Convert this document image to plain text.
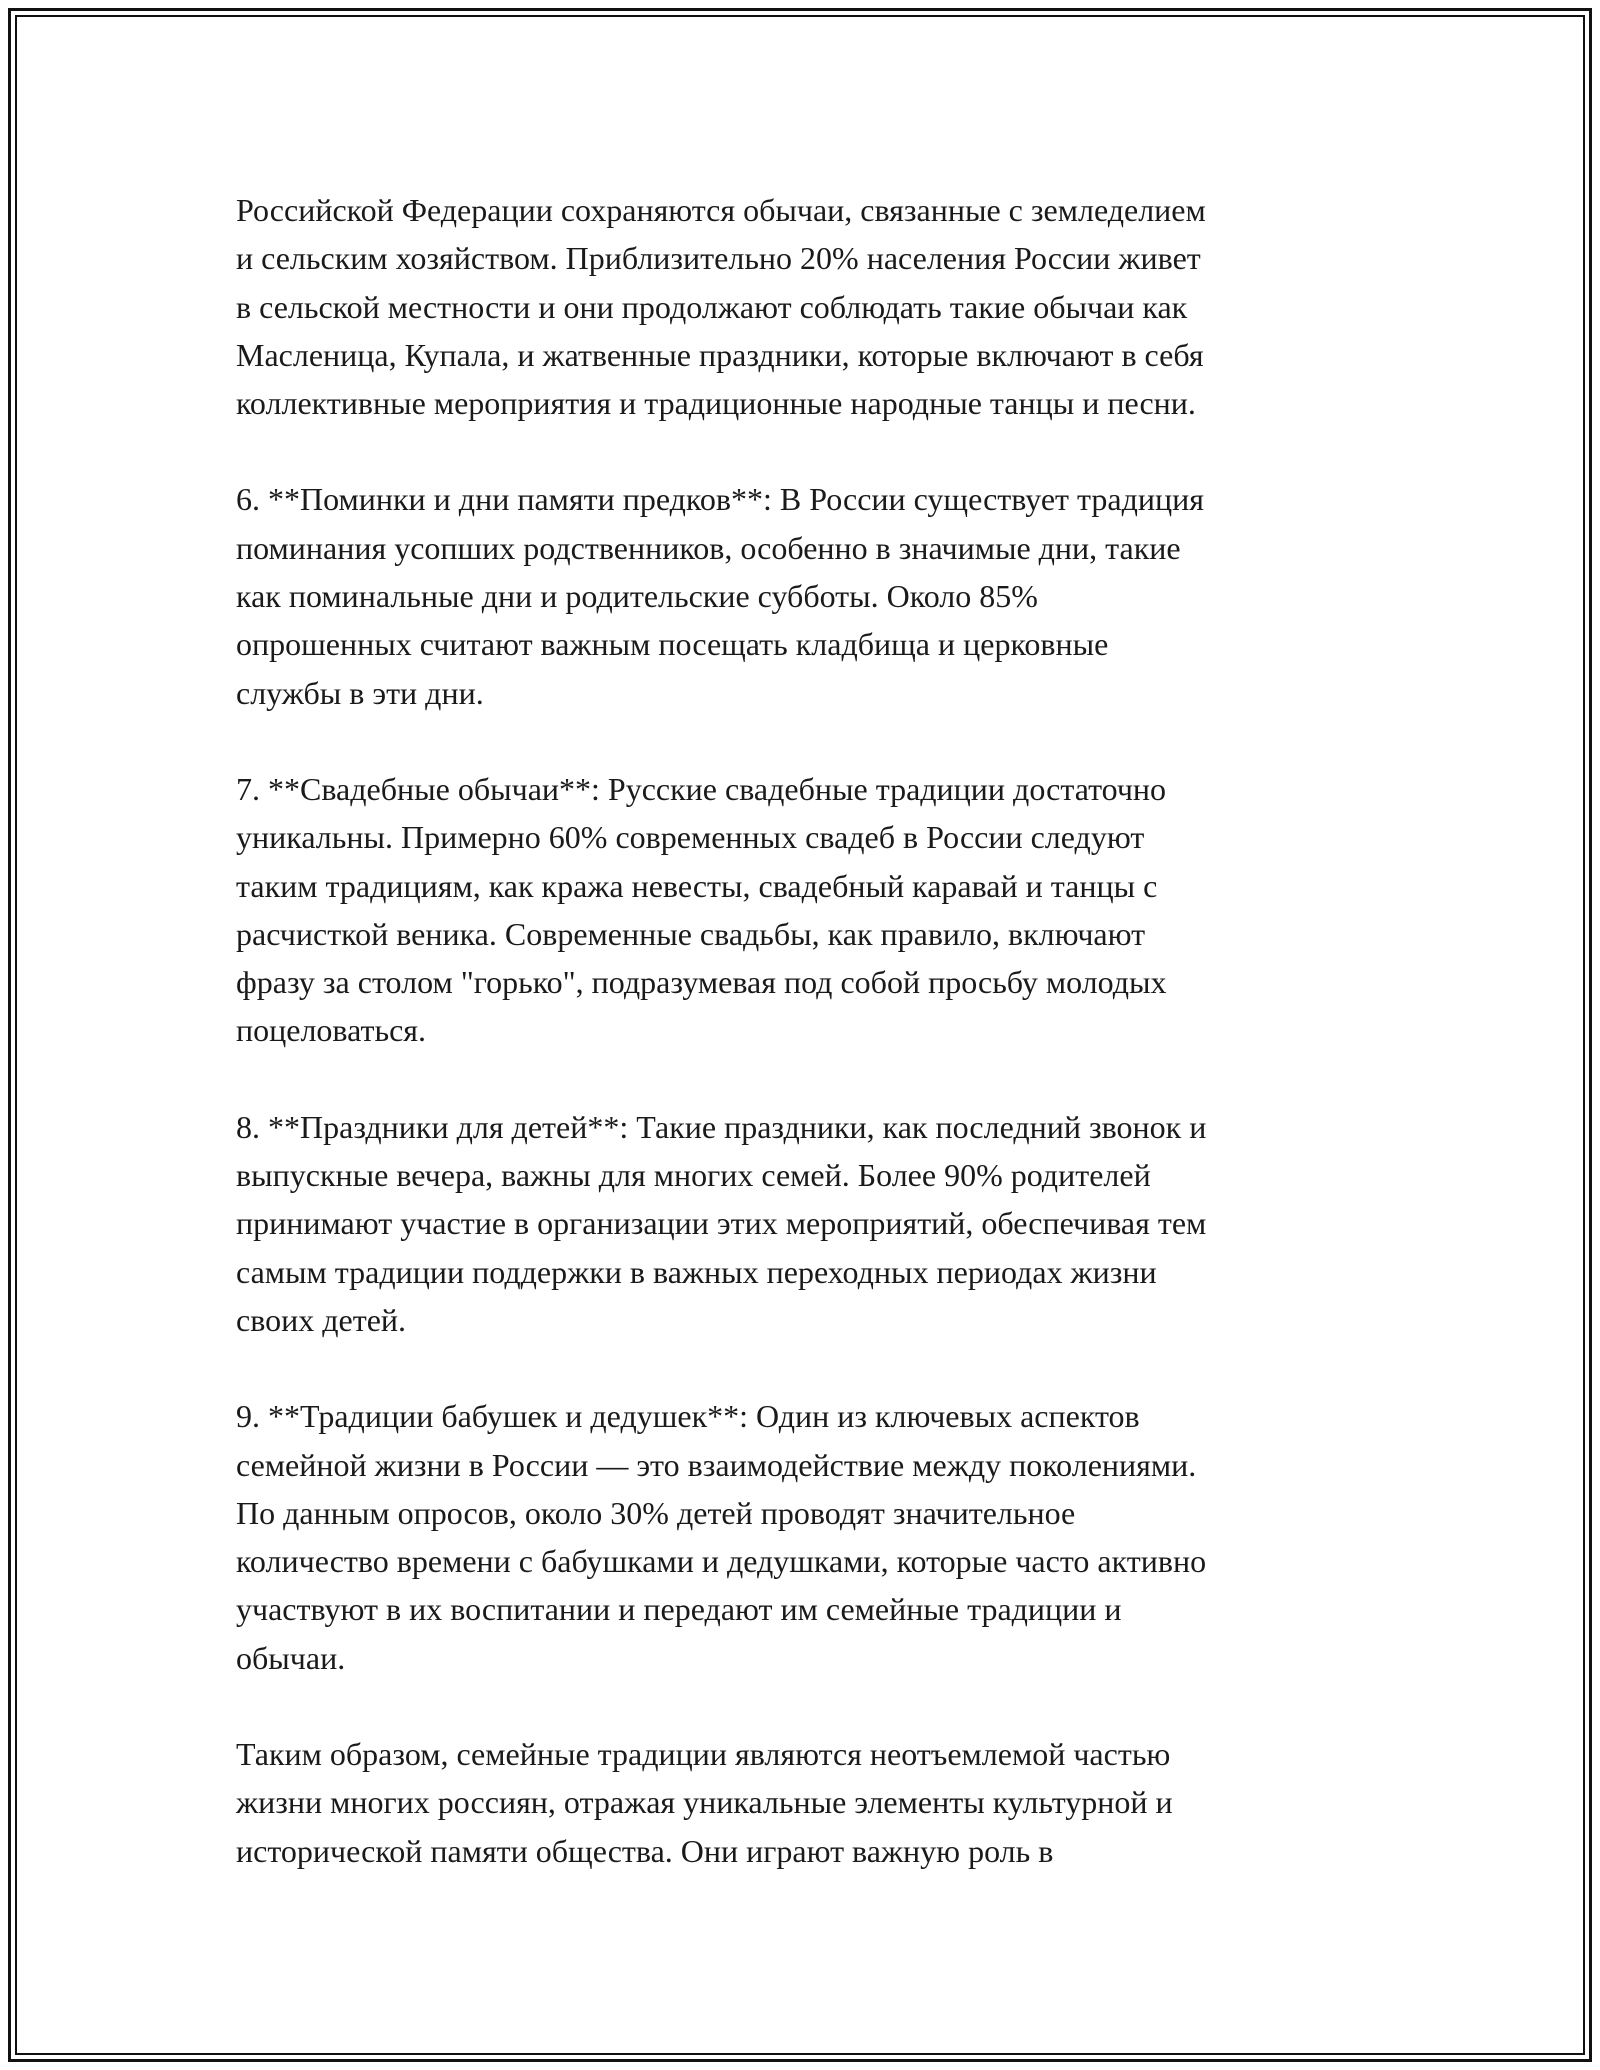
Российской Федерации сохраняются обычаи, связанные с земледелием
и сельским хозяйством. Приблизительно 20% населения России живет
в сельской местности и они продолжают соблюдать такие обычаи как
Масленица, Купала, и жатвенные праздники, которые включают в себя
коллективные мероприятия и традиционные народные танцы и песни.

6. **Поминки и дни памяти предков**: В России существует традиция
поминания усопших родственников, особенно в значимые дни, такие
как поминальные дни и родительские субботы. Около 85%
опрошенных считают важным посещать кладбища и церковные
службы в эти дни.

7. **Свадебные обычаи**: Русские свадебные традиции достаточно
уникальны. Примерно 60% современных свадеб в России следуют
таким традициям, как кража невесты, свадебный каравай и танцы с
расчисткой веника. Современные свадьбы, как правило, включают
фразу за столом "горько", подразумевая под собой просьбу молодых
поцеловаться.

8. **Праздники для детей**: Такие праздники, как последний звонок и
выпускные вечера, важны для многих семей. Более 90% родителей
принимают участие в организации этих мероприятий, обеспечивая тем
самым традиции поддержки в важных переходных периодах жизни
своих детей.

9. **Традиции бабушек и дедушек**: Один из ключевых аспектов
семейной жизни в России — это взаимодействие между поколениями.
По данным опросов, около 30% детей проводят значительное
количество времени с бабушками и дедушками, которые часто активно
участвуют в их воспитании и передают им семейные традиции и
обычаи.

Таким образом, семейные традиции являются неотъемлемой частью
жизни многих россиян, отражая уникальные элементы культурной и
исторической памяти общества. Они играют важную роль в
